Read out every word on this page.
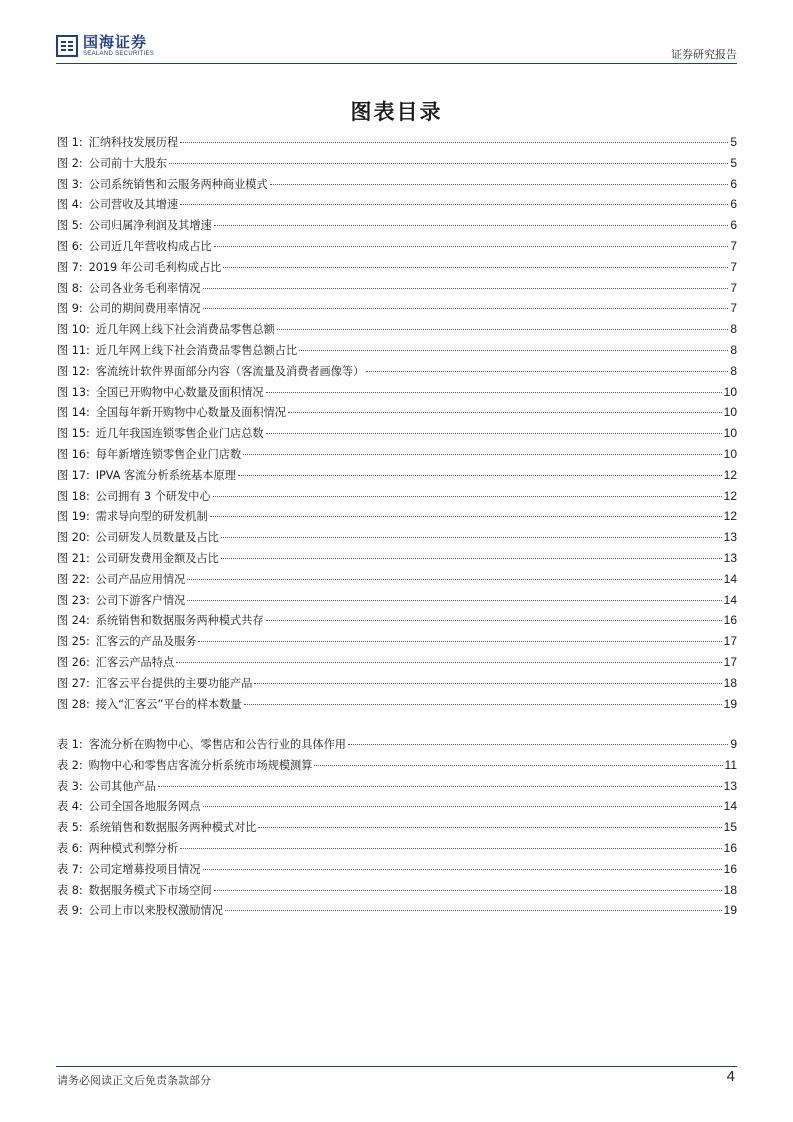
国海证券
SEALAND SECURITIES	证券研究报告
图表目录
图 1: 汇纳科技发展历程	5
图 2: 公司前十大股东	5
图 3: 公司系统销售和云服务两种商业模式	6
图 4: 公司营收及其增速	6
图 5: 公司归属净利润及其增速	6
图 6: 公司近几年营收构成占比	7
图 7: 2019 年公司毛利构成占比	7
图 8: 公司各业务毛利率情况	7
图 9: 公司的期间费用率情况	7
图 10: 近几年网上线下社会消费品零售总额	8
图 11: 近几年网上线下社会消费品零售总额占比	8
图 12: 客流统计软件界面部分内容（客流量及消费者画像等）	8
图 13: 全国已开购物中心数量及面积情况	10
图 14: 全国每年新开购物中心数量及面积情况	10
图 15: 近几年我国连锁零售企业门店总数	10
图 16: 每年新增连锁零售企业门店数	10
图 17: IPVA 客流分析系统基本原理	12
图 18: 公司拥有 3 个研发中心	12
图 19: 需求导向型的研发机制	12
图 20: 公司研发人员数量及占比	13
图 21: 公司研发费用金额及占比	13
图 22: 公司产品应用情况	14
图 23: 公司下游客户情况	14
图 24: 系统销售和数据服务两种模式共存	16
图 25: 汇客云的产品及服务	17
图 26: 汇客云产品特点	17
图 27: 汇客云平台提供的主要功能产品	18
图 28: 接入“汇客云”平台的样本数量	19
表 1: 客流分析在购物中心、零售店和公告行业的具体作用	9
表 2: 购物中心和零售店客流分析系统市场规模测算	11
表 3: 公司其他产品	13
表 4: 公司全国各地服务网点	14
表 5: 系统销售和数据服务两种模式对比	15
表 6: 两种模式利弊分析	16
表 7: 公司定增募投项目情况	16
表 8: 数据服务模式下市场空间	18
表 9: 公司上市以来股权激励情况	19
请务必阅读正文后免责条款部分	4
